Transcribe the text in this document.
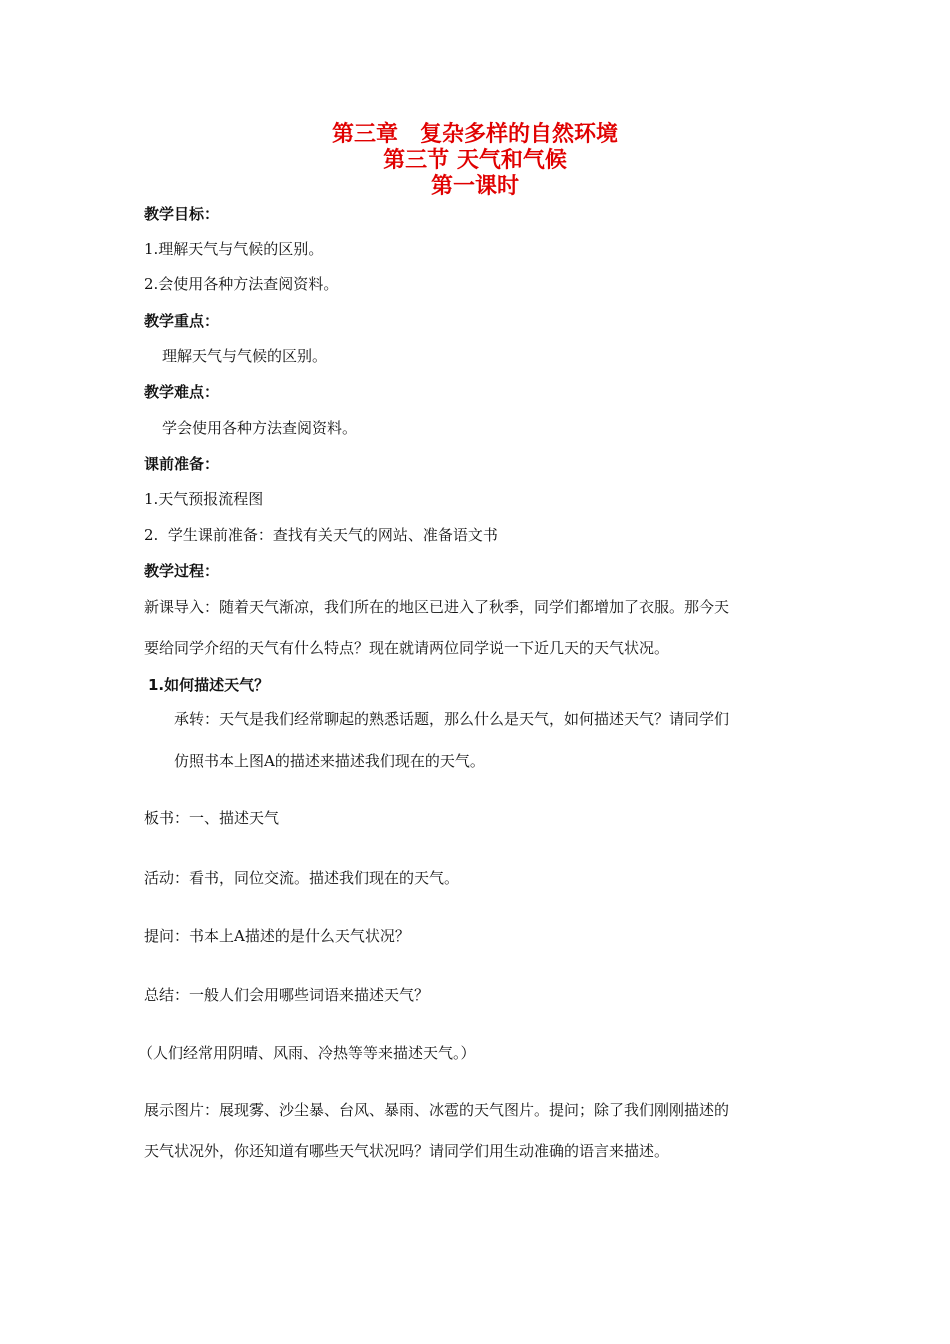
第三章　复杂多样的自然环境
第三节 天气和气候
第一课时
教学目标：
1.理解天气与气候的区别。
2.会使用各种方法查阅资料。
教学重点：
理解天气与气候的区别。
教学难点：
学会使用各种方法查阅资料。
课前准备：
1.天气预报流程图
2.  学生课前准备：查找有关天气的网站、准备语文书
教学过程：
新课导入：随着天气渐凉，我们所在的地区已进入了秋季，同学们都增加了衣服。那今天
要给同学介绍的天气有什么特点？现在就请两位同学说一下近几天的天气状况。
1.如何描述天气？
承转：天气是我们经常聊起的熟悉话题，那么什么是天气，如何描述天气？请同学们
仿照书本上图A的描述来描述我们现在的天气。
板书：一、描述天气
活动：看书，同位交流。描述我们现在的天气。
提问：书本上A描述的是什么天气状况？
总结：一般人们会用哪些词语来描述天气？
（人们经常用阴晴、风雨、冷热等等来描述天气。）
展示图片：展现雾、沙尘暴、台风、暴雨、冰雹的天气图片。提问；除了我们刚刚描述的
天气状况外，你还知道有哪些天气状况吗？请同学们用生动准确的语言来描述。
